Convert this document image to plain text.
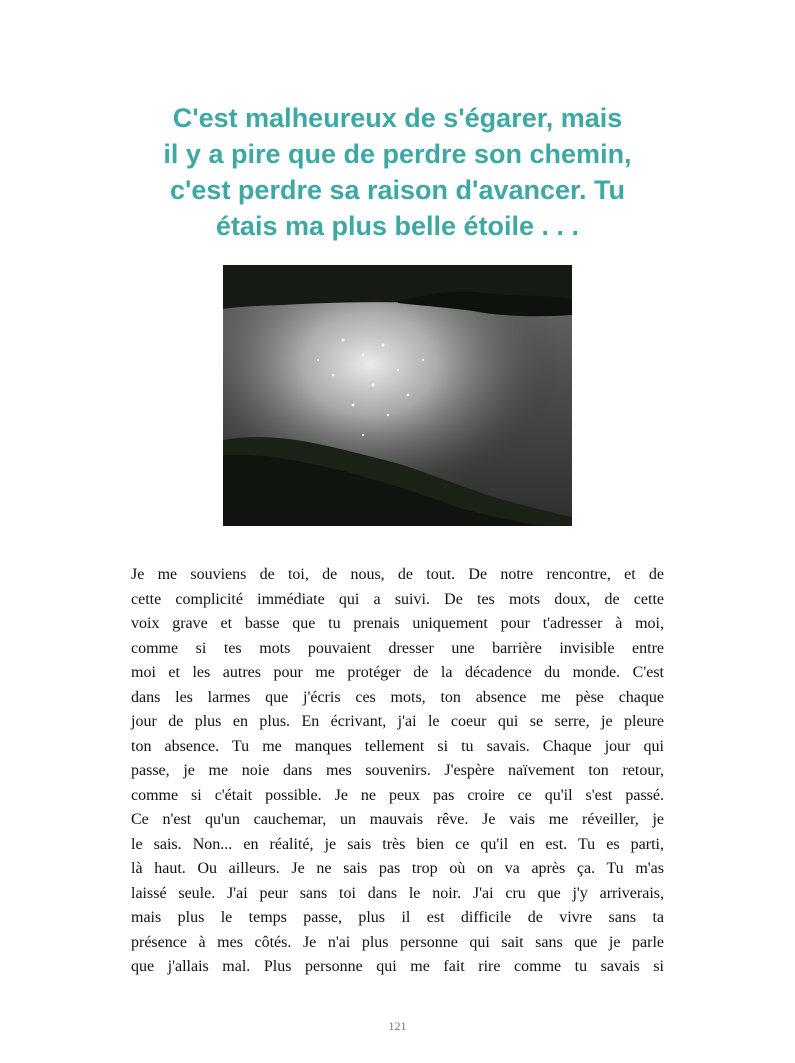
C'est malheureux de s'égarer, mais
il y a pire que de perdre son chemin,
c'est perdre sa raison d'avancer. Tu
étais ma plus belle étoile . . .
Je me souviens de toi, de nous, de tout. De notre rencontre, et de
cette complicité immédiate qui a suivi. De tes mots doux, de cette
voix grave et basse que tu prenais uniquement pour t'adresser à moi,
comme si tes mots pouvaient dresser une barrière invisible entre
moi et les autres pour me protéger de la décadence du monde. C'est
dans les larmes que j'écris ces mots, ton absence me pèse chaque
jour de plus en plus. En écrivant, j'ai le coeur qui se serre, je pleure
ton absence. Tu me manques tellement si tu savais. Chaque jour qui
passe, je me noie dans mes souvenirs. J'espère naïvement ton retour,
comme si c'était possible. Je ne peux pas croire ce qu'il s'est passé.
Ce n'est qu'un cauchemar, un mauvais rêve. Je vais me réveiller, je
le sais. Non... en réalité, je sais très bien ce qu'il en est. Tu es parti,
là haut. Ou ailleurs. Je ne sais pas trop où on va après ça. Tu m'as
laissé seule. J'ai peur sans toi dans le noir. J'ai cru que j'y arriverais,
mais plus le temps passe, plus il est difficile de vivre sans ta
présence à mes côtés. Je n'ai plus personne qui sait sans que je parle
que j'allais mal. Plus personne qui me fait rire comme tu savais si
121
